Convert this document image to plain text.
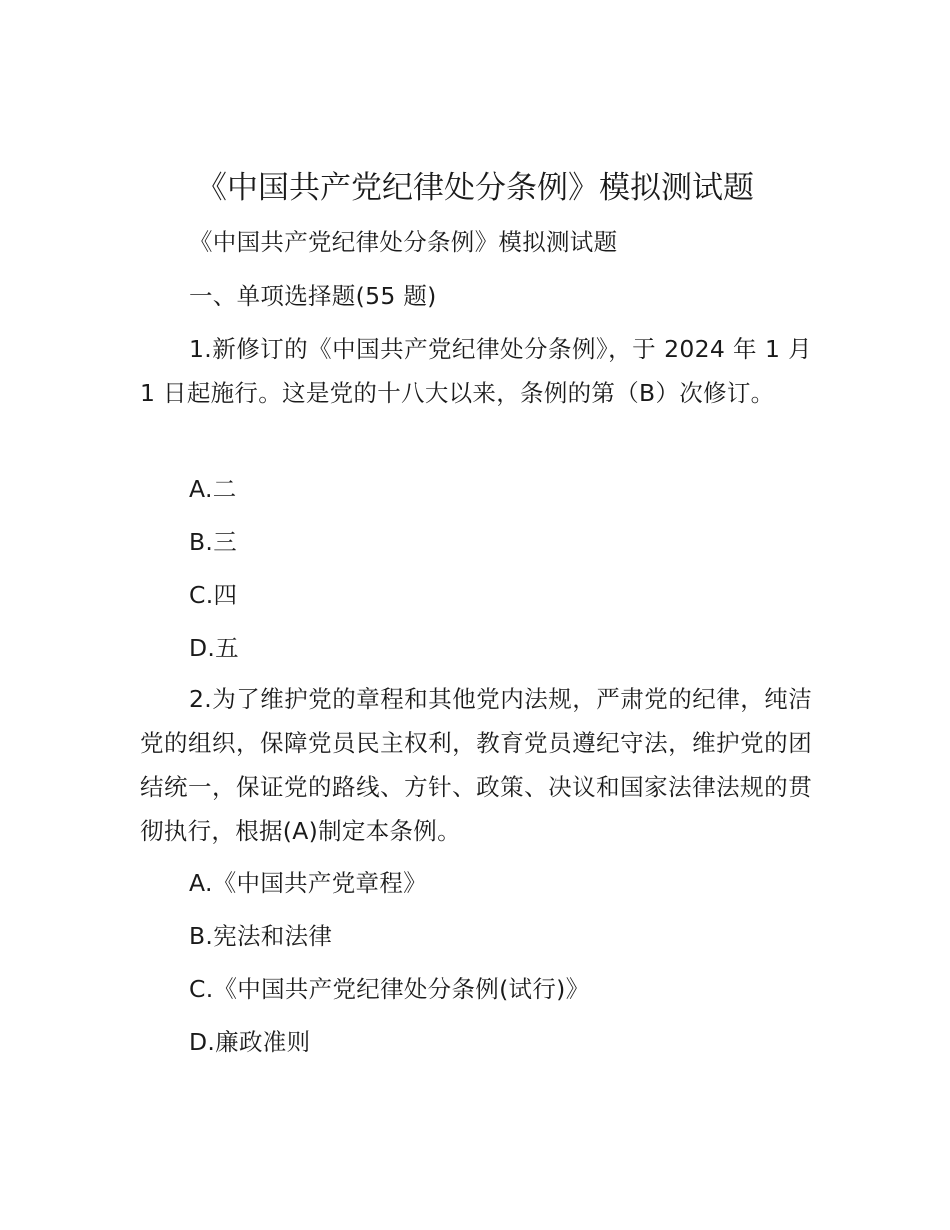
《中国共产党纪律处分条例》模拟测试题
《中国共产党纪律处分条例》模拟测试题
一、单项选择题(55 题)
1.新修订的《中国共产党纪律处分条例》，于 2024 年 1 月 1 日起施行。这是党的十八大以来，条例的第（B）次修订。
A.二
B.三
C.四
D.五
2.为了维护党的章程和其他党内法规，严肃党的纪律，纯洁党的组织，保障党员民主权利，教育党员遵纪守法，维护党的团结统一，保证党的路线、方针、政策、决议和国家法律法规的贯彻执行，根据(A)制定本条例。
A.《中国共产党章程》
B.宪法和法律
C.《中国共产党纪律处分条例(试行)》
D.廉政准则
